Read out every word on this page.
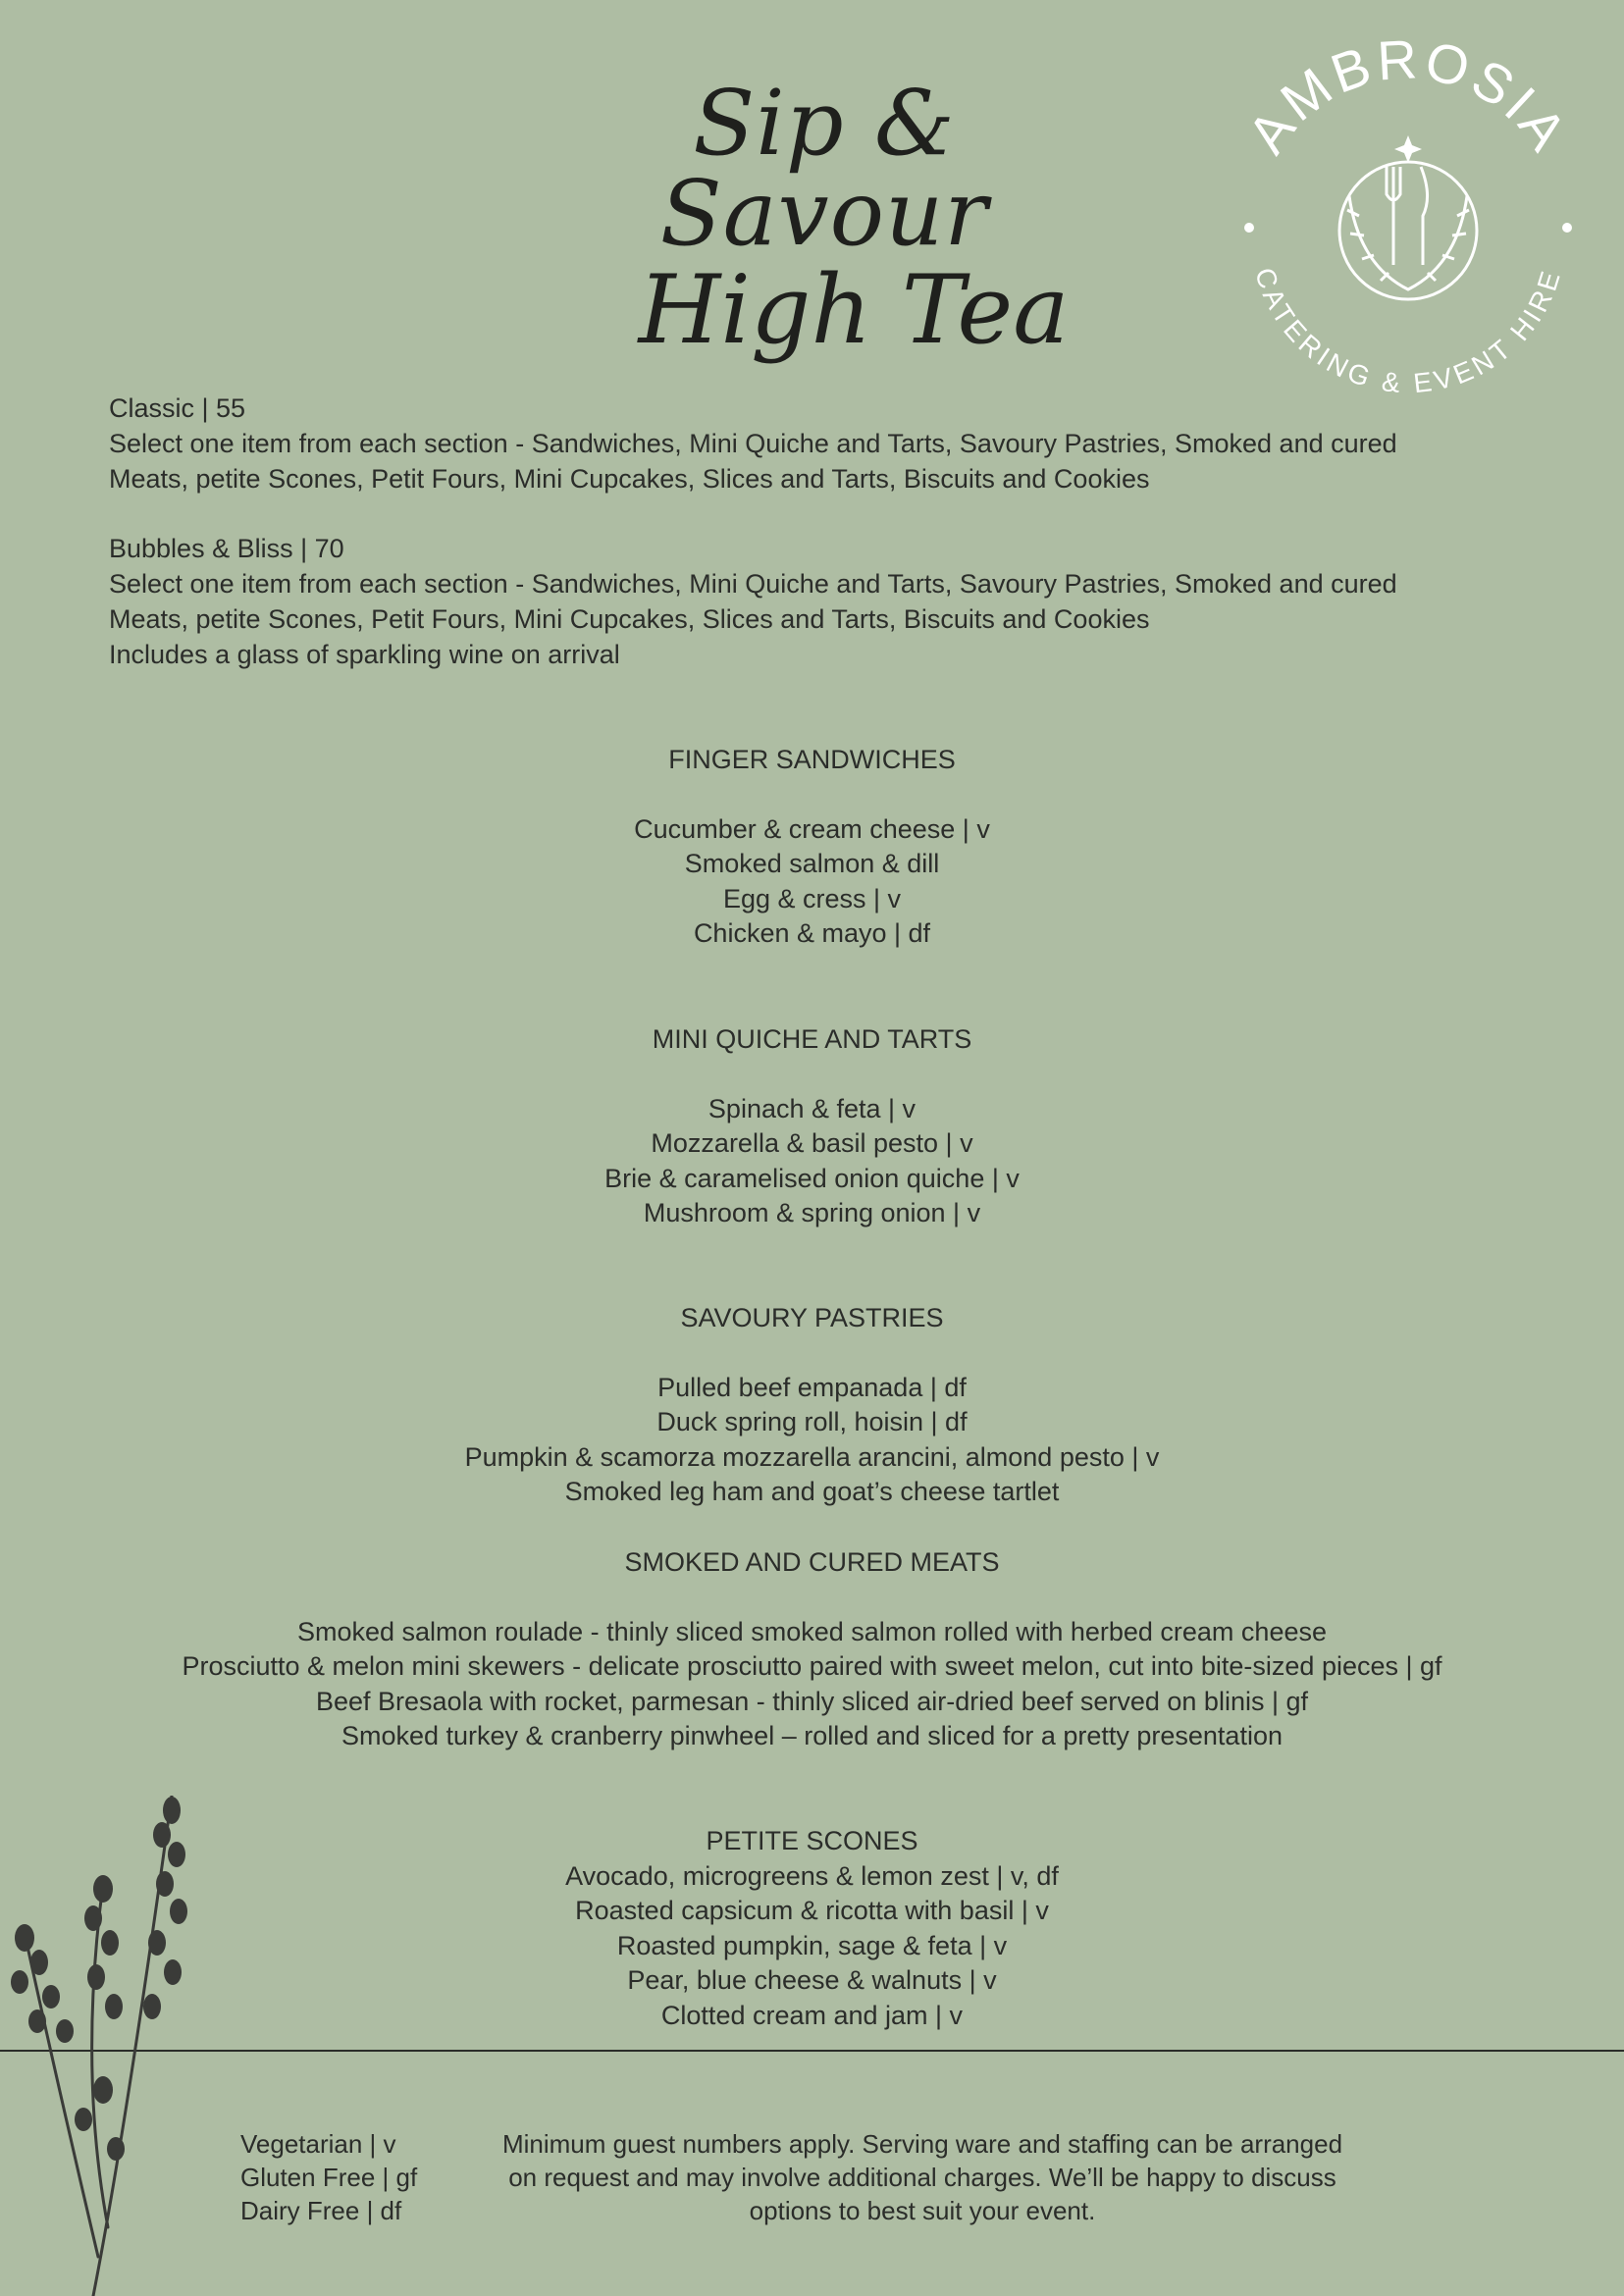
Sip & Savour
High Tea
AMBROSIA
CATERING & EVENT HIRE

Classic | 55
Select one item from each section - Sandwiches, Mini Quiche and Tarts, Savoury Pastries, Smoked and cured
Meats, petite Scones, Petit Fours, Mini Cupcakes, Slices and Tarts, Biscuits and Cookies

Bubbles & Bliss | 70
Select one item from each section - Sandwiches, Mini Quiche and Tarts, Savoury Pastries, Smoked and cured
Meats, petite Scones, Petit Fours, Mini Cupcakes, Slices and Tarts, Biscuits and Cookies
Includes a glass of sparkling wine on arrival

FINGER SANDWICHES
Cucumber & cream cheese | v
Smoked salmon & dill
Egg & cress | v
Chicken & mayo | df
MINI QUICHE AND TARTS
Spinach & feta | v
Mozzarella & basil pesto | v
Brie & caramelised onion quiche | v
Mushroom & spring onion | v
SAVOURY PASTRIES
Pulled beef empanada | df
Duck spring roll, hoisin | df
Pumpkin & scamorza mozzarella arancini, almond pesto | v
Smoked leg ham and goat’s cheese tartlet
SMOKED AND CURED MEATS
Smoked salmon roulade - thinly sliced smoked salmon rolled with herbed cream cheese
Prosciutto & melon mini skewers - delicate prosciutto paired with sweet melon, cut into bite-sized pieces | gf
Beef Bresaola with rocket, parmesan - thinly sliced air-dried beef served on blinis | gf
Smoked turkey & cranberry pinwheel – rolled and sliced for a pretty presentation
PETITE SCONES
Avocado, microgreens & lemon zest | v, df
Roasted capsicum & ricotta with basil | v
Roasted pumpkin, sage & feta | v
Pear, blue cheese & walnuts | v
Clotted cream and jam | v
Vegetarian | v
Gluten Free | gf
Dairy Free | df
Minimum guest numbers apply. Serving ware and staffing can be arranged
on request and may involve additional charges. We’ll be happy to discuss
options to best suit your event.
